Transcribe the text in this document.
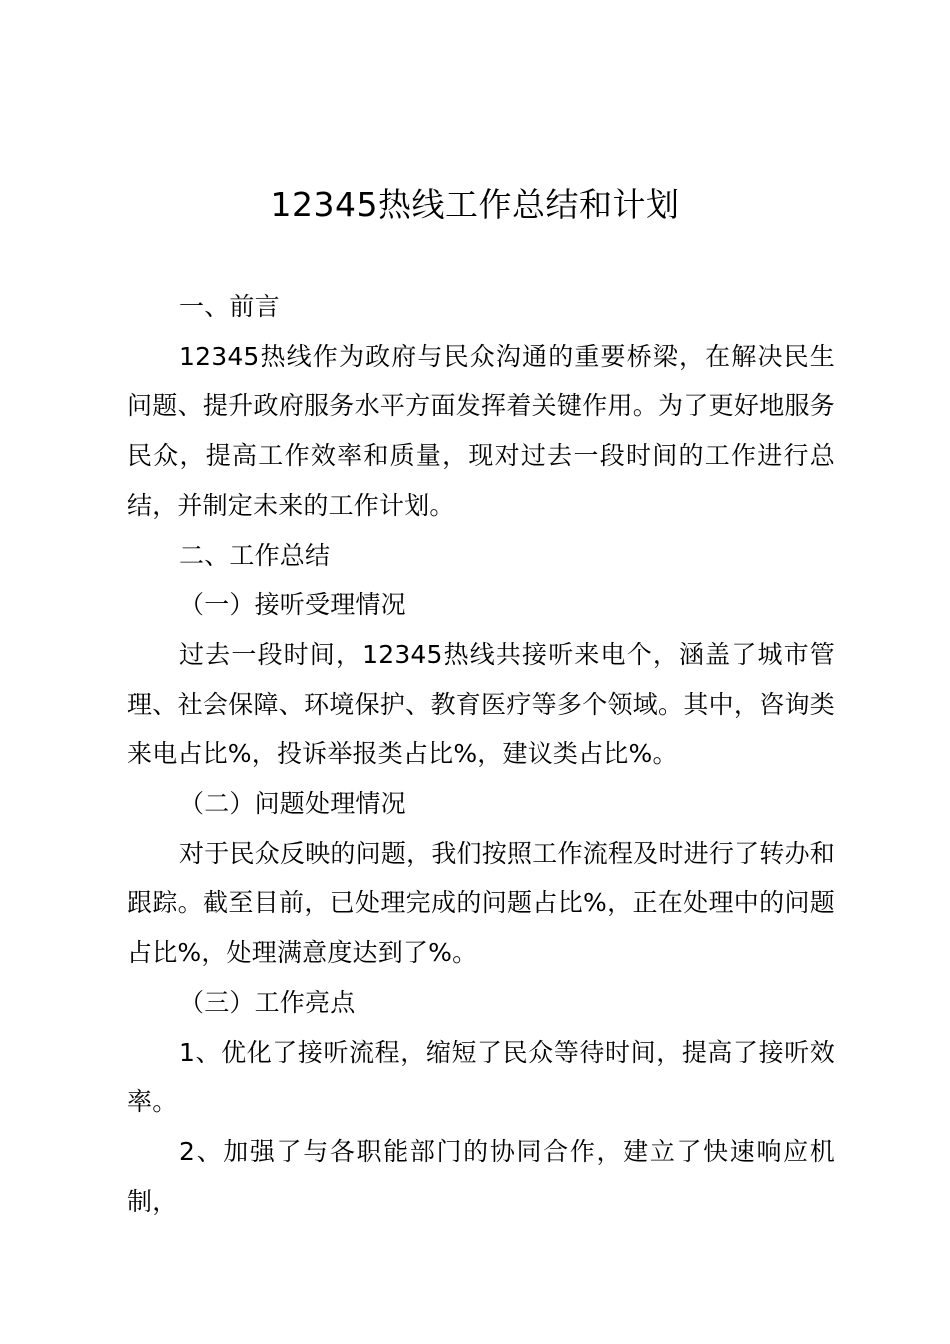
12345热线工作总结和计划

一、前言

12345热线作为政府与民众沟通的重要桥梁，在解决民生问题、提升政府服务水平方面发挥着关键作用。为了更好地服务民众，提高工作效率和质量，现对过去一段时间的工作进行总结，并制定未来的工作计划。

二、工作总结

（一）接听受理情况

过去一段时间，12345热线共接听来电个，涵盖了城市管理、社会保障、环境保护、教育医疗等多个领域。其中，咨询类来电占比%，投诉举报类占比%，建议类占比%。

（二）问题处理情况

对于民众反映的问题，我们按照工作流程及时进行了转办和跟踪。截至目前，已处理完成的问题占比%，正在处理中的问题占比%，处理满意度达到了%。

（三）工作亮点

1、优化了接听流程，缩短了民众等待时间，提高了接听效率。

2、加强了与各职能部门的协同合作，建立了快速响应机制，
